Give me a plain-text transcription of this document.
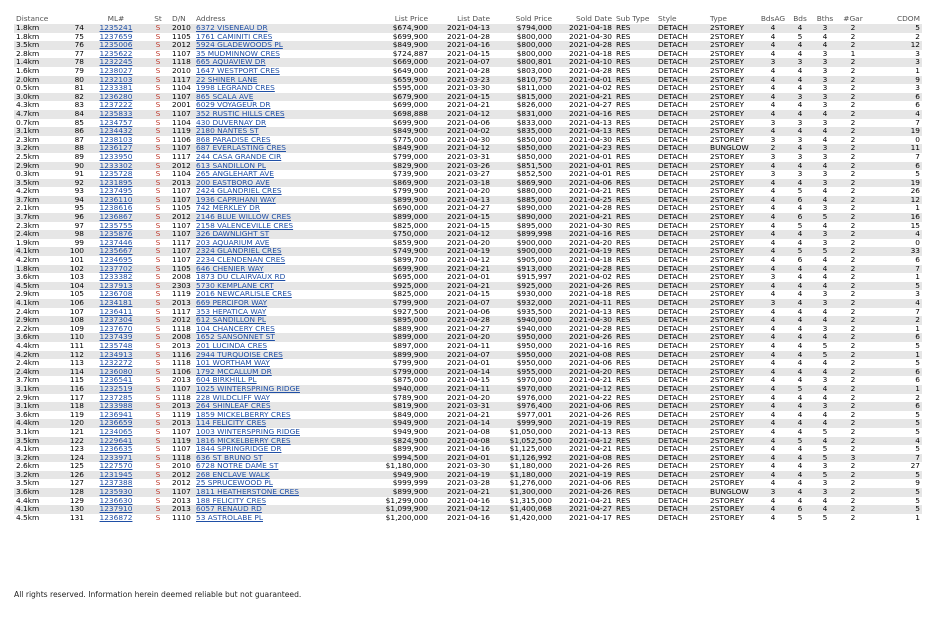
Distance		ML#	St	D/N	Address	List Price	List Date	Sold Price	Sold Date	Sub Type	Style	Type	BdsAG	Bds	Bths	#Gar	CDOM
1.8km	74	1235241	S	2010	6372 VISENEAU DR	$674,900	2021-04-13	$794,000	2021-04-18	RES	DETACH	2STOREY	4	4	3	2	5
1.8km	75	1237659	S	1105	1761 CAMINITI CRES	$699,900	2021-04-28	$800,000	2021-04-30	RES	DETACH	2STOREY	4	5	4	2	2
3.5km	76	1235006	S	2012	5924 GLADEWOODS PL	$849,900	2021-04-16	$800,000	2021-04-28	RES	DETACH	2STOREY	4	4	4	2	12
2.8km	77	1235622	S	1107	35 MUDMINNOW CRES	$724,887	2021-04-15	$800,000	2021-04-18	RES	DETACH	2STOREY	4	4	3	1	3
1.4km	78	1232245	S	1118	665 AQUAVIEW DR	$669,000	2021-04-07	$800,801	2021-04-10	RES	DETACH	2STOREY	3	3	3	2	3
1.6km	79	1238027	S	2010	1647 WESTPORT CRES	$649,000	2021-04-28	$803,000	2021-04-28	RES	DETACH	2STOREY	4	4	3	2	1
2.0km	80	1232103	S	1117	22 SHINER LANE	$659,900	2021-03-23	$810,750	2021-04-01	RES	DETACH	2STOREY	4	4	3	2	9
0.5km	81	1233381	S	1104	1998 LEGRAND CRES	$595,000	2021-03-30	$811,000	2021-04-02	RES	DETACH	2STOREY	4	4	3	2	3
3.0km	82	1236280	S	1107	865 SCALA AVE	$679,900	2021-04-15	$815,000	2021-04-21	RES	DETACH	2STOREY	4	3	3	2	6
4.3km	83	1237222	S	2001	6029 VOYAGEUR DR	$699,000	2021-04-21	$826,000	2021-04-27	RES	DETACH	2STOREY	4	4	3	2	6
4.7km	84	1235833	S	1107	352 RUSTIC HILLS CRES	$698,888	2021-04-12	$831,000	2021-04-16	RES	DETACH	2STOREY	4	4	4	2	4
0.7km	85	1234757	S	1104	430 DUVERNAY DR	$699,900	2021-04-06	$833,000	2021-04-13	RES	DETACH	2STOREY	3	3	3	2	7
3.1km	86	1234432	S	1119	2180 NANTES ST	$849,900	2021-04-02	$835,000	2021-04-13	RES	DETACH	2STOREY	4	4	4	2	19
2.3km	87	1238103	S	1106	868 PARADISE CRES	$775,000	2021-04-30	$850,000	2021-04-30	RES	DETACH	2STOREY	3	3	4	2	0
3.2km	88	1236127	S	1107	687 EVERLASTING CRES	$849,900	2021-04-12	$850,000	2021-04-23	RES	DETACH	BUNGLOW	2	4	3	2	11
2.5km	89	1233950	S	1117	244 CASA GRANDE CIR	$799,000	2021-03-31	$850,000	2021-04-01	RES	DETACH	2STOREY	3	3	3	2	7
2.9km	90	1233302	S	2012	613 SANDILLON PL	$829,900	2021-03-26	$851,500	2021-04-01	RES	DETACH	2STOREY	4	4	4	2	6
0.3km	91	1235728	S	1104	265 ANGLEHART AVE	$739,900	2021-03-27	$852,500	2021-04-01	RES	DETACH	2STOREY	3	3	3	2	5
3.5km	92	1231895	S	2013	200 EASTBORO AVE	$869,900	2021-03-18	$869,900	2021-04-06	RES	DETACH	2STOREY	4	4	3	2	19
4.2km	93	1237495	S	1107	2424 GLANDRIEL CRES	$799,900	2021-04-20	$880,000	2021-04-21	RES	DETACH	2STOREY	4	5	4	2	26
3.7km	94	1236110	S	1107	1936 CAPRIHANI WAY	$899,900	2021-04-13	$885,000	2021-04-25	RES	DETACH	2STOREY	4	6	4	2	12
2.1km	95	1238616	S	1105	742 MERKLEY DR	$690,000	2021-04-27	$890,000	2021-04-28	RES	DETACH	2STOREY	4	4	3	2	1
3.7km	96	1236867	S	2012	2146 BLUE WILLOW CRES	$899,000	2021-04-15	$890,000	2021-04-21	RES	DETACH	2STOREY	4	6	5	2	16
2.3km	97	1235755	S	1107	2158 VALENCEVILLE CRES	$825,000	2021-04-15	$895,000	2021-04-30	RES	DETACH	2STOREY	4	5	4	2	15
2.4km	98	1235876	S	1107	326 DAWNLIGHT ST	$750,000	2021-04-12	$899,998	2021-04-16	RES	DETACH	2STOREY	4	4	3	2	4
1.9km	99	1237446	S	1117	203 AQUARIUM AVE	$859,900	2021-04-20	$900,000	2021-04-20	RES	DETACH	2STOREY	4	4	3	2	0
4.1km	100	1235667	S	1107	2324 GLANDRIEL CRES	$749,900	2021-04-19	$900,000	2021-04-19	RES	DETACH	2STOREY	4	5	5	2	33
4.2km	101	1234695	S	1107	2234 CLENDENAN CRES	$899,700	2021-04-12	$905,000	2021-04-18	RES	DETACH	2STOREY	4	6	4	2	6
1.8km	102	1237702	S	1105	646 CHENIER WAY	$699,900	2021-04-21	$913,000	2021-04-28	RES	DETACH	2STOREY	4	4	4	2	7
3.6km	103	1233382	S	2008	1873 DU CLAIRVAUX RD	$695,000	2021-04-01	$915,997	2021-04-02	RES	DETACH	2STOREY	3	4	4	2	1
4.5km	104	1237913	S	2303	5730 KEMPLANE CRT	$925,000	2021-04-21	$925,000	2021-04-26	RES	DETACH	2STOREY	4	4	4	2	5
2.9km	105	1236708	S	1119	2016 NEWCARLISLE CRES	$825,000	2021-04-15	$930,000	2021-04-18	RES	DETACH	2STOREY	4	4	3	2	3
4.1km	106	1234181	S	2013	669 PERCIFOR WAY	$799,900	2021-04-07	$932,000	2021-04-11	RES	DETACH	2STOREY	3	4	3	2	4
2.4km	107	1236411	S	1117	353 HEPATICA WAY	$927,500	2021-04-06	$935,500	2021-04-13	RES	DETACH	2STOREY	4	4	4	2	7
2.9km	108	1237304	S	2012	612 SANDILLON PL	$895,000	2021-04-28	$940,000	2021-04-30	RES	DETACH	2STOREY	4	4	4	2	2
2.2km	109	1237670	S	1118	104 CHANCERY CRES	$889,900	2021-04-27	$940,000	2021-04-28	RES	DETACH	2STOREY	4	4	3	2	1
3.6km	110	1237439	S	2008	1652 SANSONNET ST	$899,000	2021-04-20	$950,000	2021-04-26	RES	DETACH	2STOREY	4	4	4	2	6
4.4km	111	1235748	S	2013	201 LUCINDA CRES	$897,000	2021-04-11	$950,000	2021-04-16	RES	DETACH	2STOREY	4	4	5	2	5
4.2km	112	1234913	S	1116	2944 TURQUOISE CRES	$899,900	2021-04-07	$950,000	2021-04-08	RES	DETACH	2STOREY	4	4	5	2	1
2.4km	113	1232272	S	1118	101 WORTHAM WAY	$799,900	2021-04-01	$950,000	2021-04-06	RES	DETACH	2STOREY	4	4	4	2	5
2.4km	114	1236080	S	1106	1792 MCCALLUM DR	$799,000	2021-04-14	$955,000	2021-04-20	RES	DETACH	2STOREY	4	4	4	2	6
3.7km	115	1236541	S	2013	604 BIRKHILL PL	$875,000	2021-04-15	$970,000	2021-04-21	RES	DETACH	2STOREY	4	4	3	2	6
3.1km	116	1232519	S	1107	1025 WINTERSPRING RIDGE	$940,000	2021-04-11	$970,000	2021-04-12	RES	DETACH	2STOREY	4	5	4	2	1
2.9km	117	1237285	S	1118	228 WILDCLIFF WAY	$789,900	2021-04-20	$976,000	2021-04-22	RES	DETACH	2STOREY	4	4	4	2	2
3.1km	118	1233988	S	2013	264 SHINLEAF CRES	$819,900	2021-03-31	$976,400	2021-04-06	RES	DETACH	2STOREY	4	4	3	2	6
3.6km	119	1236941	S	1119	1859 MICKELBERRY CRES	$849,000	2021-04-21	$977,001	2021-04-26	RES	DETACH	2STOREY	4	4	4	2	5
4.4km	120	1236659	S	2013	114 FELICITY CRES	$949,900	2021-04-14	$999,900	2021-04-19	RES	DETACH	2STOREY	4	4	4	2	5
3.1km	121	1234065	S	1107	1003 WINTERSPRING RIDGE	$949,900	2021-04-08	$1,050,000	2021-04-13	RES	DETACH	2STOREY	4	4	5	2	5
3.5km	122	1229641	S	1119	1816 MICKELBERRY CRES	$824,900	2021-04-08	$1,052,500	2021-04-12	RES	DETACH	2STOREY	4	5	4	2	4
4.1km	123	1236635	S	1107	1844 SPRINGRIDGE DR	$899,900	2021-04-16	$1,125,000	2021-04-21	RES	DETACH	2STOREY	4	4	5	2	5
3.2km	124	1233971	S	1118	636 ST BRUNO ST	$994,500	2021-04-01	$1,126,992	2021-04-08	RES	DETACH	2STOREY	4	4	5	3	7
2.6km	125	1227570	S	2010	6728 NOTRE DAME ST	$1,180,000	2021-03-30	$1,180,000	2021-04-26	RES	DETACH	2STOREY	4	4	3	2	27
3.2km	126	1231945	S	2012	268 ENCLAVE WALK	$949,900	2021-04-19	$1,180,000	2021-04-19	RES	DETACH	2STOREY	4	4	5	2	5
3.5km	127	1237388	S	2012	25 SPRUCEWOOD PL	$999,999	2021-03-28	$1,276,000	2021-04-06	RES	DETACH	2STOREY	4	4	3	2	9
3.6km	128	1235930	S	1107	1811 HEATHERSTONE CRES	$899,900	2021-04-21	$1,300,000	2021-04-26	RES	DETACH	BUNGLOW	3	4	3	2	5
4.4km	129	1236630	S	2013	188 FELICITY CRES	$1,299,000	2021-04-16	$1,315,000	2021-04-21	RES	DETACH	2STOREY	4	4	4	2	5
4.1km	130	1237910	S	2013	6057 RENAUD RD	$1,099,900	2021-04-12	$1,400,068	2021-04-27	RES	DETACH	2STOREY	4	6	4	2	5
4.5km	131	1236872	S	1110	53 ASTROLABE PL	$1,200,000	2021-04-16	$1,420,000	2021-04-17	RES	DETACH	2STOREY	4	5	5	2	1
All rights reserved. Information herein deemed reliable but not guaranteed.
